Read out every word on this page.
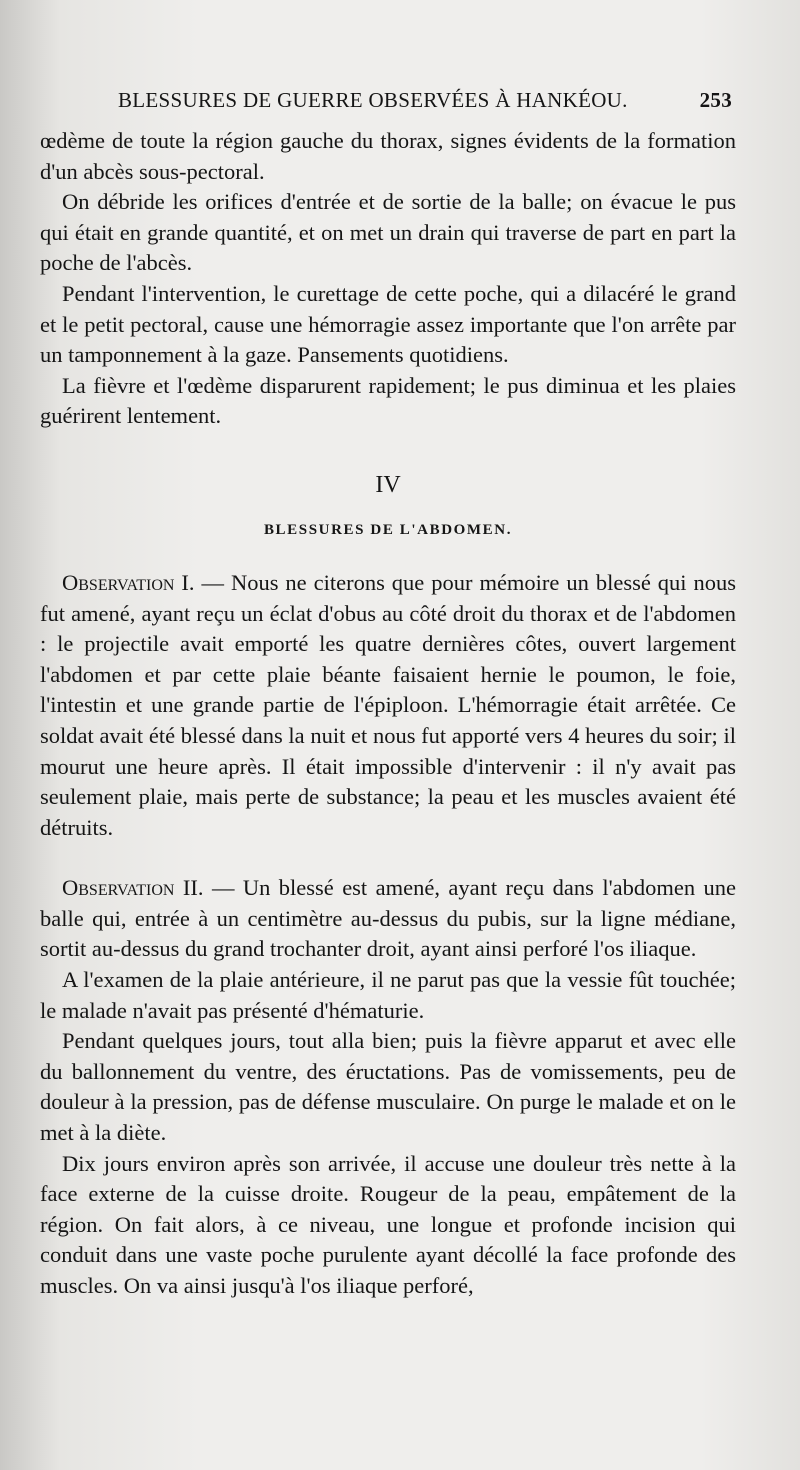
BLESSURES DE GUERRE OBSERVÉES À HANKÉOU.	253

œdème de toute la région gauche du thorax, signes évidents de la formation d'un abcès sous-pectoral.

On débride les orifices d'entrée et de sortie de la balle; on évacue le pus qui était en grande quantité, et on met un drain qui traverse de part en part la poche de l'abcès.

Pendant l'intervention, le curettage de cette poche, qui a dilacéré le grand et le petit pectoral, cause une hémorragie assez importante que l'on arrête par un tamponnement à la gaze. Pansements quotidiens.

La fièvre et l'œdème disparurent rapidement; le pus diminua et les plaies guérirent lentement.

IV
BLESSURES DE L'ABDOMEN.

Observation I. — Nous ne citerons que pour mémoire un blessé qui nous fut amené, ayant reçu un éclat d'obus au côté droit du thorax et de l'abdomen : le projectile avait emporté les quatre dernières côtes, ouvert largement l'abdomen et par cette plaie béante faisaient hernie le poumon, le foie, l'intestin et une grande partie de l'épiploon. L'hémorragie était arrêtée. Ce soldat avait été blessé dans la nuit et nous fut apporté vers 4 heures du soir; il mourut une heure après. Il était impossible d'intervenir : il n'y avait pas seulement plaie, mais perte de substance; la peau et les muscles avaient été détruits.

Observation II. — Un blessé est amené, ayant reçu dans l'abdomen une balle qui, entrée à un centimètre au-dessus du pubis, sur la ligne médiane, sortit au-dessus du grand trochanter droit, ayant ainsi perforé l'os iliaque.

A l'examen de la plaie antérieure, il ne parut pas que la vessie fût touchée; le malade n'avait pas présenté d'hématurie.

Pendant quelques jours, tout alla bien; puis la fièvre apparut et avec elle du ballonnement du ventre, des éructations. Pas de vomissements, peu de douleur à la pression, pas de défense musculaire. On purge le malade et on le met à la diète.

Dix jours environ après son arrivée, il accuse une douleur très nette à la face externe de la cuisse droite. Rougeur de la peau, empâtement de la région. On fait alors, à ce niveau, une longue et profonde incision qui conduit dans une vaste poche purulente ayant décollé la face profonde des muscles. On va ainsi jusqu'à l'os iliaque perforé,
